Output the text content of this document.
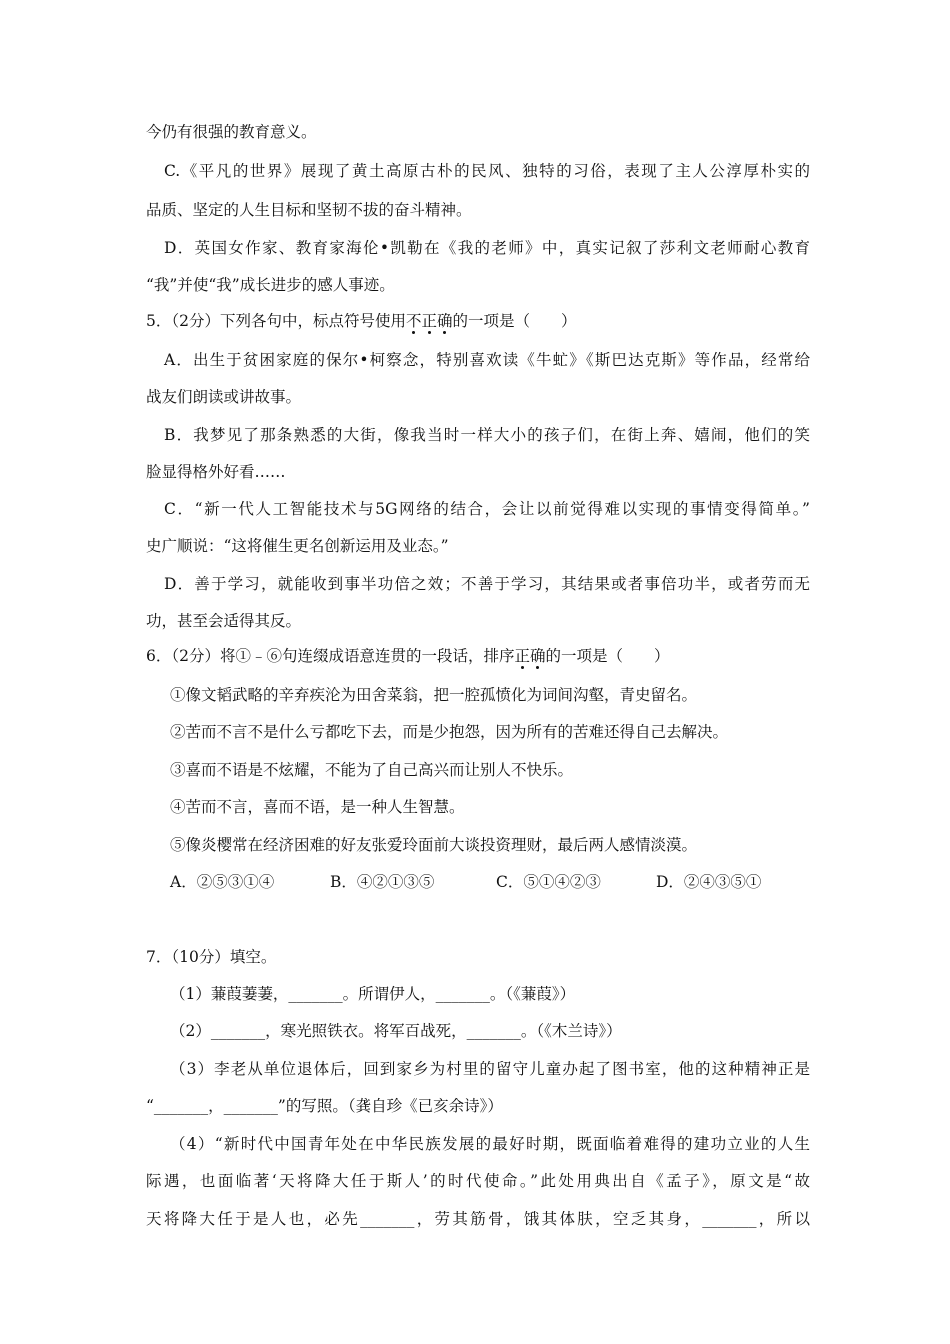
今仍有很强的教育意义。
C.《平凡的世界》展现了黄土高原古朴的民风、独特的习俗，表现了主人公淳厚朴实的
品质、坚定的人生目标和坚韧不拔的奋斗精神。
D．英国女作家、教育家海伦•凯勒在《我的老师》中，真实记叙了莎利文老师耐心教育
“我”并使“我”成长进步的感人事迹。
5．（2分）下列各句中，标点符号使用不正确的一项是（　　）
A．出生于贫困家庭的保尔•柯察念，特别喜欢读《牛虻》《斯巴达克斯》等作品，经常给
战友们朗读或讲故事。
B．我梦见了那条熟悉的大街，像我当时一样大小的孩子们，在街上奔、嬉闹，他们的笑
脸显得格外好看……
C．“新一代人工智能技术与5G网络的结合，会让以前觉得难以实现的事情变得简单。”
史广顺说：“这将催生更名创新运用及业态。”
D．善于学习，就能收到事半功倍之效；不善于学习，其结果或者事倍功半，或者劳而无
功，甚至会适得其反。
6．（2分）将①﹣⑥句连缀成语意连贯的一段话，排序正确的一项是（　　）
①像文韬武略的辛弃疾沦为田舍菜翁，把一腔孤愤化为词间沟壑，青史留名。
②苦而不言不是什么亏都吃下去，而是少抱怨，因为所有的苦难还得自己去解决。
③喜而不语是不炫耀，不能为了自己高兴而让别人不快乐。
④苦而不言，喜而不语，是一种人生智慧。
⑤像炎樱常在经济困难的好友张爱玲面前大谈投资理财，最后两人感情淡漠。
A．②⑤③①④	B．④②①③⑤	C．⑤①④②③	D．②④③⑤①
7．（10分）填空。
（1）蒹葭萋萋，_______。所谓伊人，_______。（《蒹葭》）
（2）_______，寒光照铁衣。将军百战死，_______。（《木兰诗》）
（3）李老从单位退体后，回到家乡为村里的留守儿童办起了图书室，他的这种精神正是
“_______，_______”的写照。（龚自珍《已亥余诗》）
（4）“新时代中国青年处在中华民族发展的最好时期，既面临着难得的建功立业的人生
际遇，也面临著‘天将降大任于斯人’的时代使命。”此处用典出自《孟子》，原文是“故
天将降大任于是人也，必先_______，劳其筋骨，饿其体肤，空乏其身，_______，所以
